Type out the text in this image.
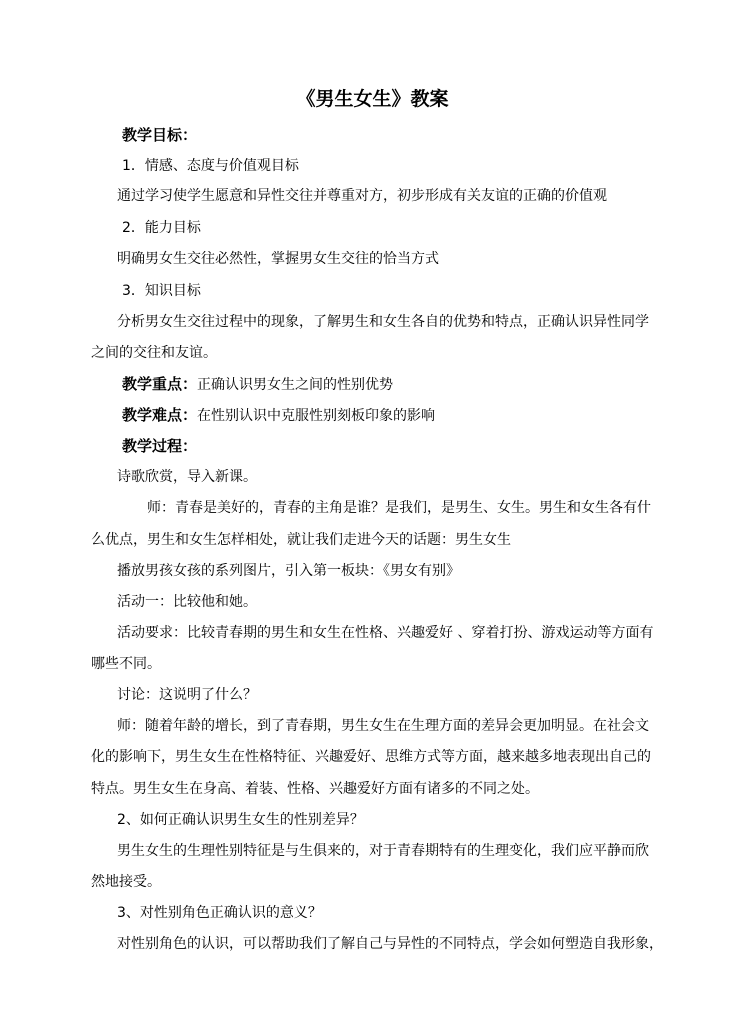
《男生女生》教案
教学目标：
1．情感、态度与价值观目标
通过学习使学生愿意和异性交往并尊重对方，初步形成有关友谊的正确的价值观
2．能力目标
明确男女生交往必然性，掌握男女生交往的恰当方式
3．知识目标
分析男女生交往过程中的现象，了解男生和女生各自的优势和特点，正确认识异性同学
之间的交往和友谊。
教学重点：正确认识男女生之间的性别优势
教学难点：在性别认识中克服性别刻板印象的影响
教学过程：
诗歌欣赏，导入新课。
师：青春是美好的，青春的主角是谁？是我们，是男生、女生。男生和女生各有什
么优点，男生和女生怎样相处，就让我们走进今天的话题：男生女生
播放男孩女孩的系列图片，引入第一板块：《男女有别》
活动一：比较他和她。
活动要求：比较青春期的男生和女生在性格、兴趣爱好 、穿着打扮、游戏运动等方面有
哪些不同。
讨论：这说明了什么？
师：随着年龄的增长，到了青春期，男生女生在生理方面的差异会更加明显。在社会文
化的影响下，男生女生在性格特征、兴趣爱好、思维方式等方面，越来越多地表现出自己的
特点。男生女生在身高、着装、性格、兴趣爱好方面有诸多的不同之处。
2、如何正确认识男生女生的性别差异？
男生女生的生理性别特征是与生俱来的，对于青春期特有的生理变化，我们应平静而欣
然地接受。
3、对性别角色正确认识的意义？
对性别角色的认识，可以帮助我们了解自己与异性的不同特点，学会如何塑造自我形象，
